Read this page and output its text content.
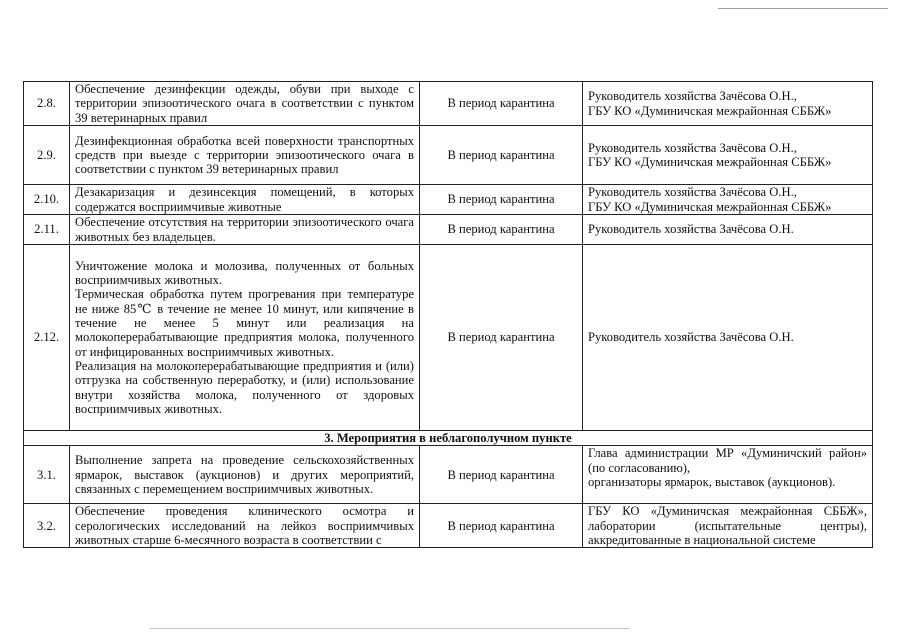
2.8.	Обеспечение дезинфекции одежды, обуви при выходе с территории эпизоотического очага в соответствии с пунктом 39 ветеринарных правил	В период карантина	Руководитель хозяйства Зачёсова О.Н.,
ГБУ КО «Думиничская межрайонная СББЖ»
2.9.	Дезинфекционная обработка всей поверхности транспортных средств при выезде с территории эпизоотического очага в соответствии с пунктом 39 ветеринарных правил	В период карантина	Руководитель хозяйства Зачёсова О.Н.,
ГБУ КО «Думиничская межрайонная СББЖ»
2.10.	Дезакаризация и дезинсекция помещений, в которых содержатся восприимчивые животные	В период карантина	Руководитель хозяйства Зачёсова О.Н.,
ГБУ КО «Думиничская межрайонная СББЖ»
2.11.	Обеспечение отсутствия на территории эпизоотического очага животных без владельцев.	В период карантина	Руководитель хозяйства Зачёсова О.Н.
2.12.	Уничтожение молока и молозива, полученных от больных восприимчивых животных.
Термическая обработка путем прогревания при температуре не ниже 85℃ в течение не менее 10 минут, или кипячение в течение не менее 5 минут или реализация на молокоперерабатывающие предприятия молока, полученного от инфицированных восприимчивых животных.
Реализация на молокоперерабатывающие предприятия и (или) отгрузка на собственную переработку, и (или) использование внутри хозяйства молока, полученного от здоровых восприимчивых животных.	В период карантина	Руководитель хозяйства Зачёсова О.Н.
3. Мероприятия в неблагополучном пункте			
3.1.	Выполнение запрета на проведение сельскохозяйственных ярмарок, выставок (аукционов) и других мероприятий, связанных с перемещением восприимчивых животных.	В период карантина	Глава администрации МР «Думиничский район» (по согласованию),
организаторы ярмарок, выставок (аукционов).
3.2.	Обеспечение проведения клинического осмотра и серологических исследований на лейкоз восприимчивых животных старше 6-месячного возраста в соответствии с	В период карантина	ГБУ КО «Думиничская межрайонная СББЖ», лаборатории (испытательные центры), аккредитованные в национальной системе
